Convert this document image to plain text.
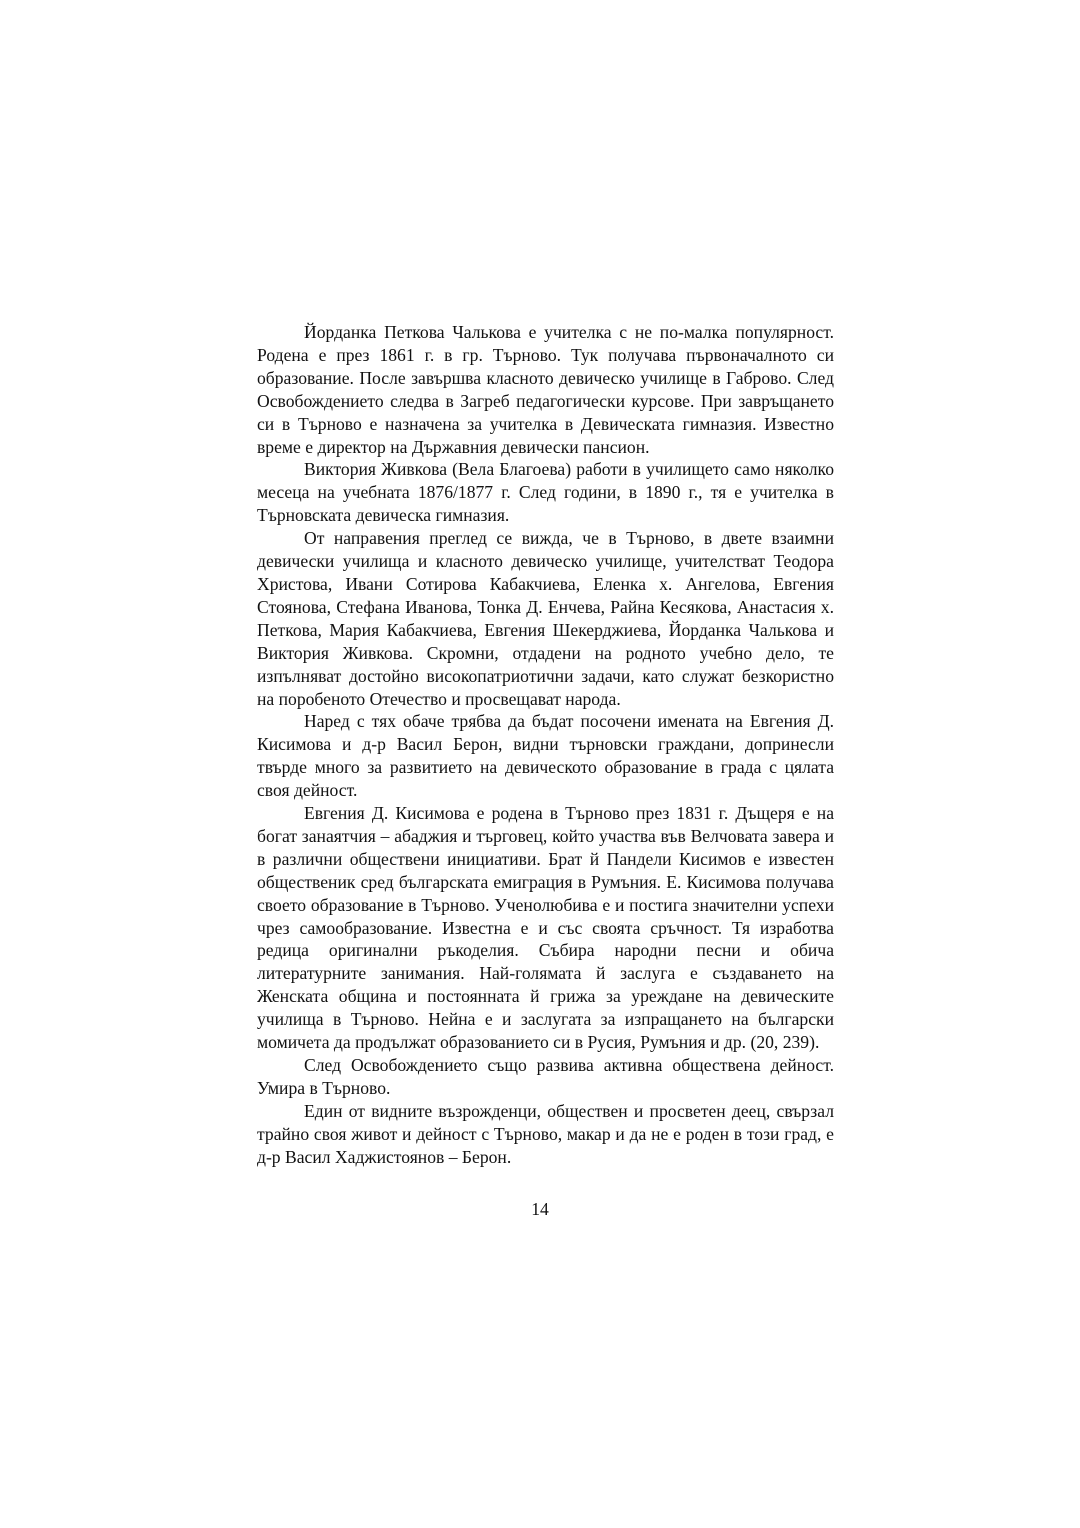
Йорданка Петкова Чалькова е учителка с не по-малка популярност. Родена е през 1861 г. в гр. Търново. Тук получава първоначалното си образование. После завършва класното девическо училище в Габрово. След Освобождението следва в Загреб педагогически курсове. При завръщането си в Търново е назначена за учителка в Девическата гимназия. Известно време е директор на Държавния девически пансион.

Виктория Живкова (Вела Благоева) работи в училището само няколко месеца на учебната 1876/1877 г. След години, в 1890 г., тя е учителка в Търновската девическа гимназия.

От направения преглед се вижда, че в Търново, в двете взаимни девически училища и класното девическо училище, учителстват Теодора Христова, Ивани Сотирова Кабакчиева, Еленка х. Ангелова, Евгения Стоянова, Стефана Иванова, Тонка Д. Енчева, Райна Кесякова, Анастасия х. Петкова, Мария Кабакчиева, Евгения Шекерджиева, Йорданка Чалькова и Виктория Живкова. Скромни, отдадени на родното учебно дело, те изпълняват достойно високопатриотични задачи, като служат безкористно на поробеното Отечество и просвещават народа.

Наред с тях обаче трябва да бъдат посочени имената на Евгения Д. Кисимова и д-р Васил Берон, видни търновски граждани, допринесли твърде много за развитието на девическото образование в града с цялата своя дейност.

Евгения Д. Кисимова е родена в Търново през 1831 г. Дъщеря е на богат занаятчия – абаджия и търговец, който участва във Велчовата завера и в различни обществени инициативи. Брат й Пандели Кисимов е известен общественик сред българската емиграция в Румъния. Е. Кисимова получава своето образование в Търново. Ученолюбива е и постига значителни успехи чрез самообразование. Известна е и със своята сръчност. Тя изработва редица оригинални ръкоделия. Събира народни песни и обича литературните занимания. Най-голямата й заслуга е създаването на Женската община и постоянната й грижа за уреждане на девическите училища в Търново. Нейна е и заслугата за изпращането на български момичета да продължат образованието си в Русия, Румъния и др. (20, 239).

След Освобождението също развива активна обществена дейност. Умира в Търново.

Един от видните възрожденци, обществен и просветен деец, свързал трайно своя живот и дейност с Търново, макар и да не е роден в този град, е д-р Васил Хаджистоянов – Берон.

14
